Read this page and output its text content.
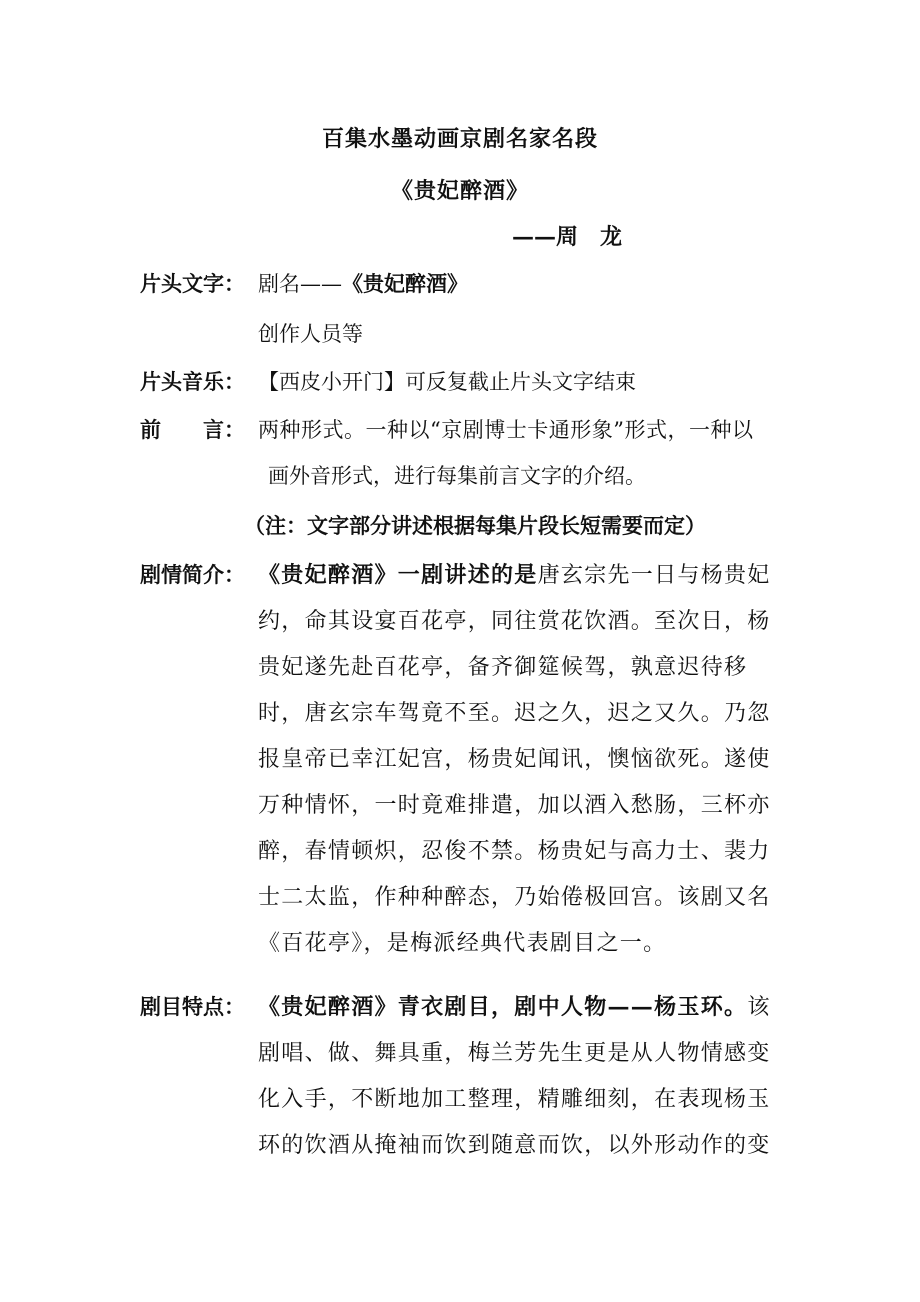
百集水墨动画京剧名家名段
《贵妃醉酒》
——周　龙
片头文字： 剧名——《贵妃醉酒》
创作人员等
片头音乐： 【西皮小开门】可反复截止片头文字结束
前　　言： 两种形式。一种以“京剧博士卡通形象”形式，一种以
画外音形式，进行每集前言文字的介绍。
（注：文字部分讲述根据每集片段长短需要而定）
剧情简介： 《贵妃醉酒》一剧讲述的是唐玄宗先一日与杨贵妃约，命其设宴百花亭，同往赏花饮酒。至次日，杨贵妃遂先赴百花亭，备齐御筵候驾，孰意迟待移时，唐玄宗车驾竟不至。迟之久，迟之又久。乃忽报皇帝已幸江妃宫，杨贵妃闻讯，懊恼欲死。遂使万种情怀，一时竟难排遣，加以酒入愁肠，三杯亦醉，春情顿炽，忍俊不禁。杨贵妃与高力士、裴力士二太监，作种种醉态，乃始倦极回宫。该剧又名《百花亭》，是梅派经典代表剧目之一。
剧目特点： 《贵妃醉酒》青衣剧目，剧中人物——杨玉环。该剧唱、做、舞具重，梅兰芳先生更是从人物情感变化入手，不断地加工整理，精雕细刻，在表现杨玉环的饮酒从掩袖而饮到随意而饮，以外形动作的变
